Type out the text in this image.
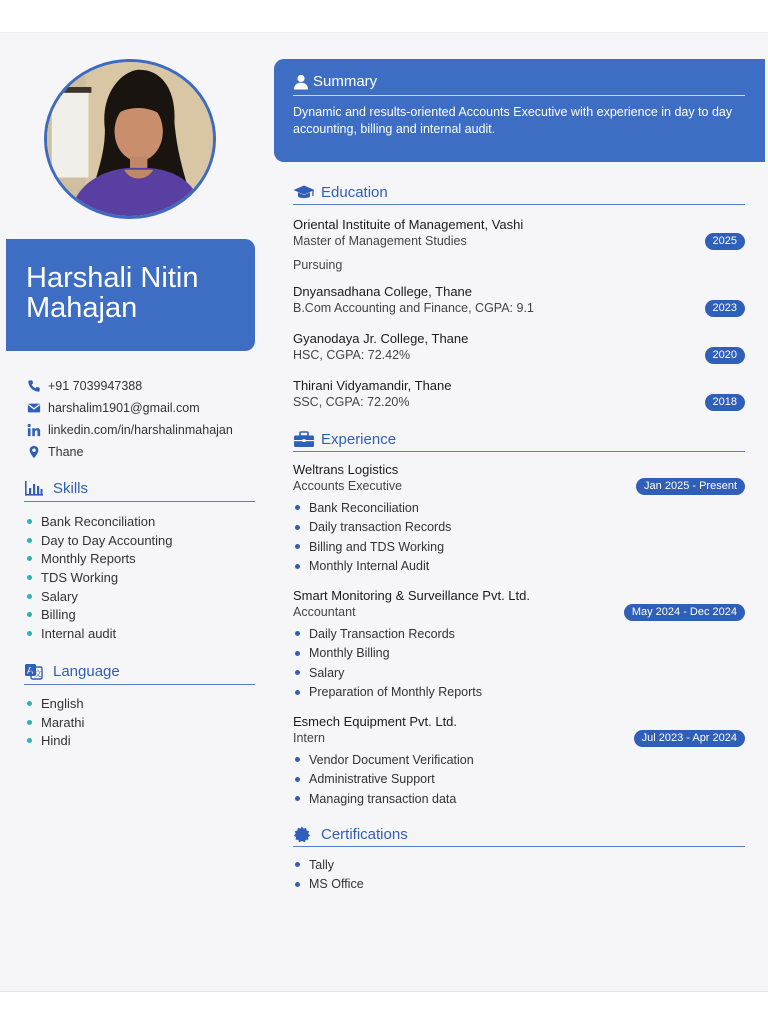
Harshali Nitin
Mahajan
+91 7039947388
harshalim1901@gmail.com
linkedin.com/in/harshalinmahajan
Thane
Skills
Bank Reconciliation
Day to Day Accounting
Monthly Reports
TDS Working
Salary
Billing
Internal audit
A 文 Language
English
Marathi
Hindi
Summary
Dynamic and results-oriented Accounts Executive with experience in day to day accounting, billing and internal audit.
Education
Oriental Instituite of Management, Vashi
Master of Management Studies	2025
Pursuing
Dnyansadhana College, Thane
B.Com Accounting and Finance, CGPA: 9.1	2023
Gyanodaya Jr. College, Thane
HSC, CGPA: 72.42%	2020
Thirani Vidyamandir, Thane
SSC, CGPA: 72.20%	2018
Experience
Weltrans Logistics
Accounts Executive	Jan 2025 - Present
Bank Reconciliation
Daily transaction Records
Billing and TDS Working
Monthly Internal Audit
Smart Monitoring & Surveillance Pvt. Ltd.
Accountant	May 2024 - Dec 2024
Daily Transaction Records
Monthly Billing
Salary
Preparation of Monthly Reports
Esmech Equipment Pvt. Ltd.
Intern	Jul 2023 - Apr 2024
Vendor Document Verification
Administrative Support
Managing transaction data
Certifications
Tally
MS Office
